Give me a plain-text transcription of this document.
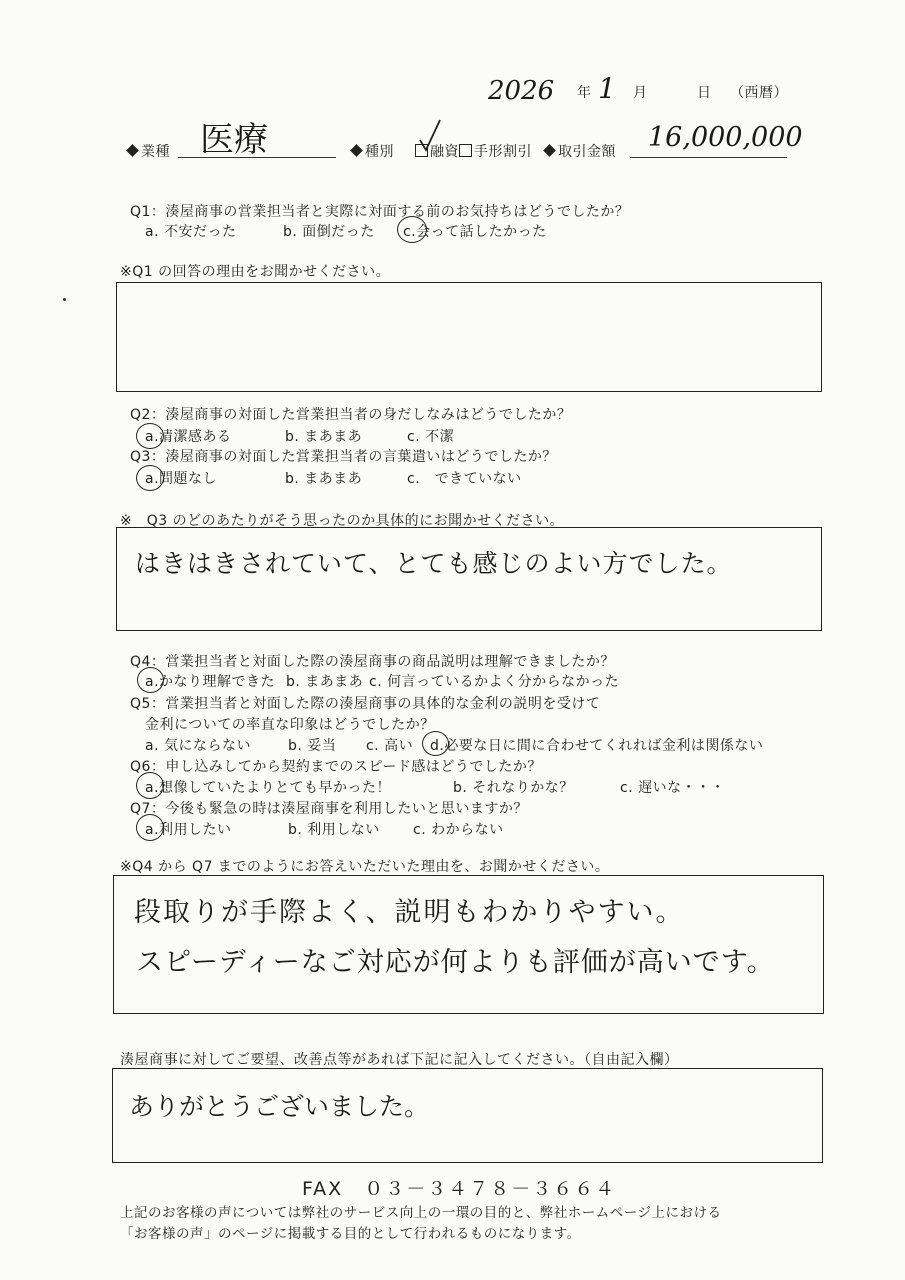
2026 年 1 月	日 （西暦）
業種 医療	種別	融資 手形割引	取引金額 16,000,000
Q1：湊屋商事の営業担当者と実際に対面する前のお気持ちはどうでしたか？
a. 不安だった	b. 面倒だった c.会って話したかった
※Q1 の回答の理由をお聞かせください。
Q2：湊屋商事の対面した営業担当者の身だしなみはどうでしたか？
a.清潔感ある	b. まあまあ	c. 不潔
Q3：湊屋商事の対面した営業担当者の言葉遣いはどうでしたか？
a.問題なし	b. まあまあ	c.　できていない
※　Q3 のどのあたりがそう思ったのか具体的にお聞かせください。
はきはきされていて、とても感じのよい方でした。
Q4：営業担当者と対面した際の湊屋商事の商品説明は理解できましたか？
a.かなり理解できた b. まあまあ c. 何言っているかよく分からなかった
Q5：営業担当者と対面した際の湊屋商事の具体的な金利の説明を受けて
金利についての率直な印象はどうでしたか？
a. 気にならない	b. 妥当 c. 高い d.必要な日に間に合わせてくれれば金利は関係ない
Q6：申し込みしてから契約までのスピード感はどうでしたか？
a.想像していたよりとても早かった！	b. それなりかな？	c. 遅いな・・・
Q7：今後も緊急の時は湊屋商事を利用したいと思いますか？
a.利用したい	b. 利用しない c. わからない
※Q4 から Q7 までのようにお答えいただいた理由を、お聞かせください。
段取りが手際よく、説明もわかりやすい。
スピーディーなご対応が何よりも評価が高いです。
湊屋商事に対してご要望、改善点等があれば下記に記入してください。（自由記入欄）
ありがとうございました。
FAX　０３－３４７８－３６６４
上記のお客様の声については弊社のサービス向上の一環の目的と、弊社ホームページ上における
「お客様の声」のページに掲載する目的として行われるものになります。
